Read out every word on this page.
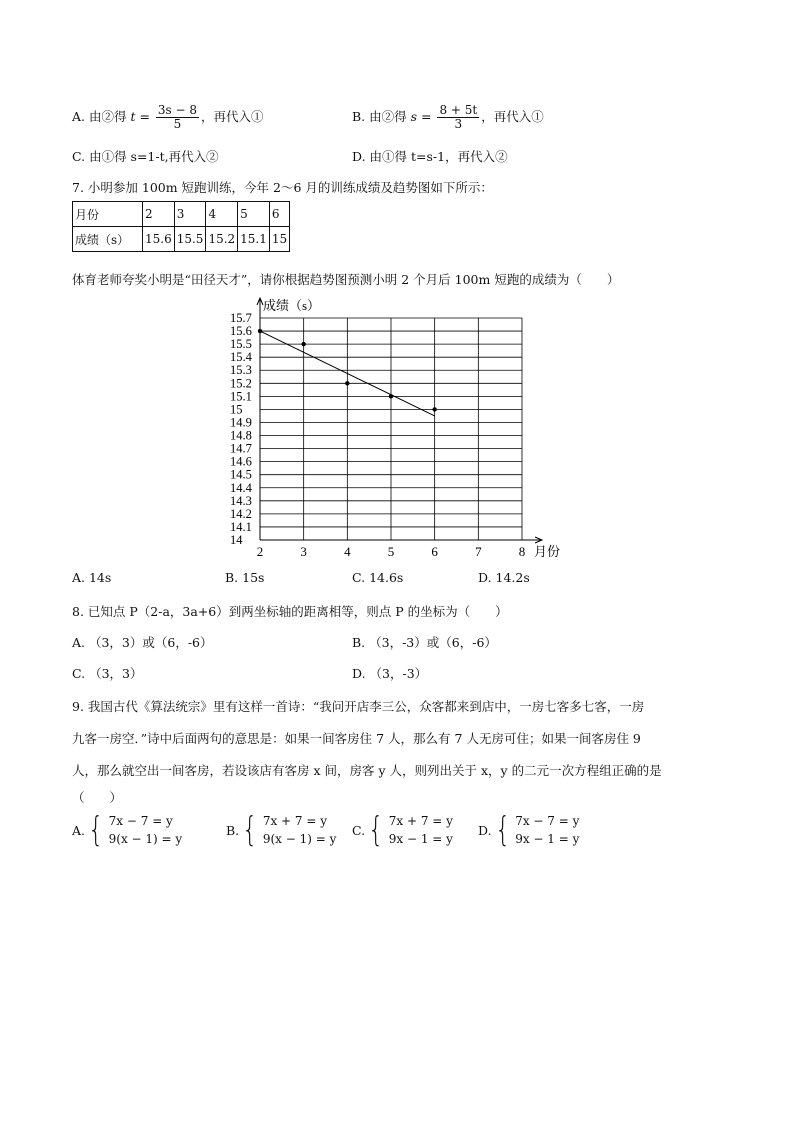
A. 由②得 $t = \frac{3s - 8}{5}$ ，再代入①	B. 由②得 $s = \frac{8 + 5t}{3}$ ，再代入①
C. 由①得 s=1-t,再代入②	D. 由①得 t=s-1，再代入②
7. 小明参加 100m 短跑训练，今年 2～6 月的训练成绩及趋势图如下所示：
月份	2	3	4	5	6
成绩（s）	15.6	15.5	15.2	15.1	15
体育老师夸奖小明是“田径天才”，请你根据趋势图预测小明 2 个月后 100m 短跑的成绩为（　　）
14
14.1
14.2
14.3
14.4
14.5
14.6
14.7
14.8
14.9
15
15.1
15.2
15.3
15.4
15.5
15.6
15.7
2	3	4	5	6	7	8
成绩（s）
月份
A. 14s	B. 15s	C. 14.6s	D. 14.2s
8. 已知点 P（2-a，3a+6）到两坐标轴的距离相等，则点 P 的坐标为（　　）
A. （3，3）或（6，-6）	B. （3，-3）或（6，-6）
C. （3，3）	D. （3，-3）
9. 我国古代《算法统宗》里有这样一首诗：“我问开店李三公，众客都来到店中，一房七客多七客，一房
九客一房空．”诗中后面两句的意思是：如果一间客房住 7 人，那么有 7 人无房可住；如果一间客房住 9
人，那么就空出一间客房，若设该店有客房 x 间，房客 y 人，则列出关于 x，y 的二元一次方程组正确的是
（　　）
A. { 7x − 7 = y
9(x − 1) = y
B. { 7x + 7 = y
9(x − 1) = y
C. { 7x + 7 = y
9x − 1 = y
D. { 7x − 7 = y
9x − 1 = y
